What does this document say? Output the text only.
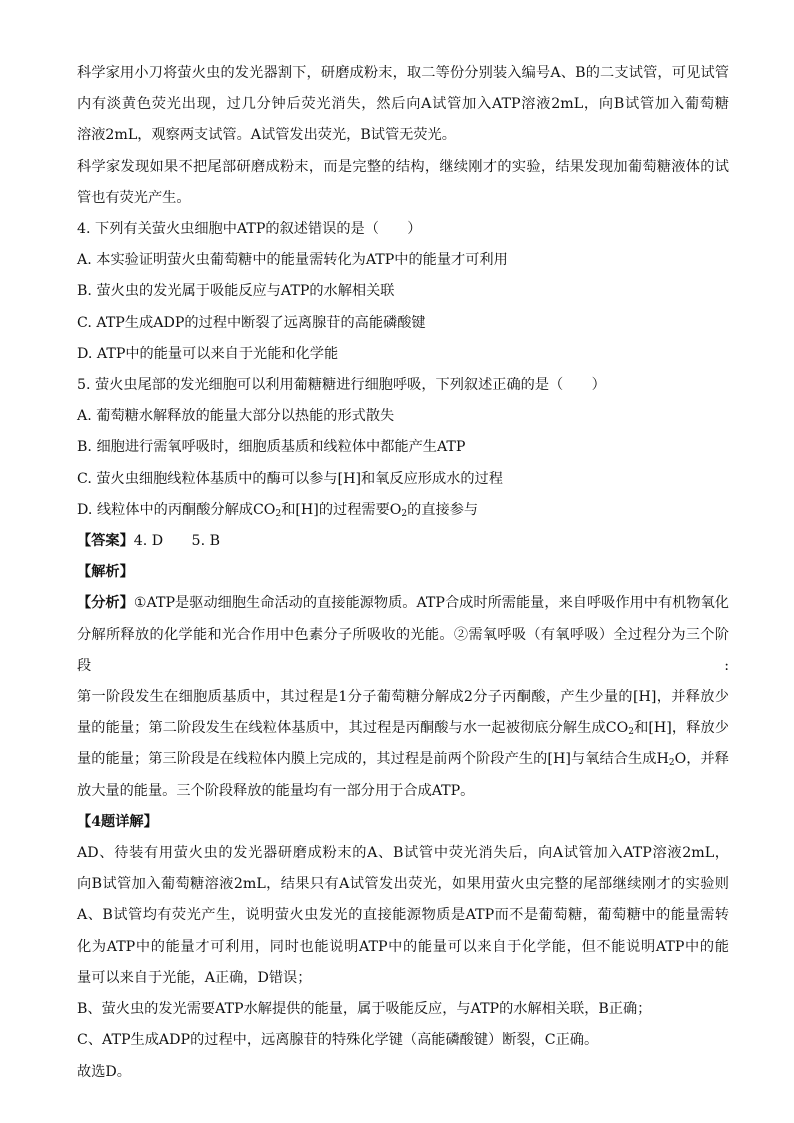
科学家用小刀将萤火虫的发光器割下，研磨成粉末，取二等份分别装入编号A、B的二支试管，可见试管
内有淡黄色荧光出现，过几分钟后荧光消失，然后向A试管加入ATP溶液2mL，向B试管加入葡萄糖
溶液2mL，观察两支试管。A试管发出荧光，B试管无荧光。
科学家发现如果不把尾部研磨成粉末，而是完整的结构，继续刚才的实验，结果发现加葡萄糖液体的试
管也有荧光产生。
4. 下列有关萤火虫细胞中ATP的叙述错误的是（　　）
A. 本实验证明萤火虫葡萄糖中的能量需转化为ATP中的能量才可利用
B. 萤火虫的发光属于吸能反应与ATP的水解相关联
C. ATP生成ADP的过程中断裂了远离腺苷的高能磷酸键
D. ATP中的能量可以来自于光能和化学能
5. 萤火虫尾部的发光细胞可以利用葡糖糖进行细胞呼吸，下列叙述正确的是（　　）
A. 葡萄糖水解释放的能量大部分以热能的形式散失
B. 细胞进行需氧呼吸时，细胞质基质和线粒体中都能产生ATP
C. 萤火虫细胞线粒体基质中的酶可以参与[H]和氧反应形成水的过程
D. 线粒体中的丙酮酸分解成$CO_2$和[H]的过程需要$O_2$的直接参与
【答案】4. D　　5. B
【解析】
【分析】①ATP是驱动细胞生命活动的直接能源物质。ATP合成时所需能量，来自呼吸作用中有机物氧化
分解所释放的化学能和光合作用中色素分子所吸收的光能。②需氧呼吸（有氧呼吸）全过程分为三个阶段:
第一阶段发生在细胞质基质中，其过程是1分子葡萄糖分解成2分子丙酮酸，产生少量的[H]，并释放少
量的能量；第二阶段发生在线粒体基质中，其过程是丙酮酸与水一起被彻底分解生成$CO_2$和[H]，释放少
量的能量；第三阶段是在线粒体内膜上完成的，其过程是前两个阶段产生的[H]与氧结合生成$H_2O$，并释
放大量的能量。三个阶段释放的能量均有一部分用于合成ATP。
【4题详解】
AD、待装有用萤火虫的发光器研磨成粉末的A、B试管中荧光消失后，向A试管加入ATP溶液2mL，
向B试管加入葡萄糖溶液2mL，结果只有A试管发出荧光，如果用萤火虫完整的尾部继续刚才的实验则
A、B试管均有荧光产生，说明萤火虫发光的直接能源物质是ATP而不是葡萄糖，葡萄糖中的能量需转
化为ATP中的能量才可利用，同时也能说明ATP中的能量可以来自于化学能，但不能说明ATP中的能
量可以来自于光能，A正确，D错误；
B、萤火虫的发光需要ATP水解提供的能量，属于吸能反应，与ATP的水解相关联，B正确；
C、ATP生成ADP的过程中，远离腺苷的特殊化学键（高能磷酸键）断裂，C正确。
故选D。
